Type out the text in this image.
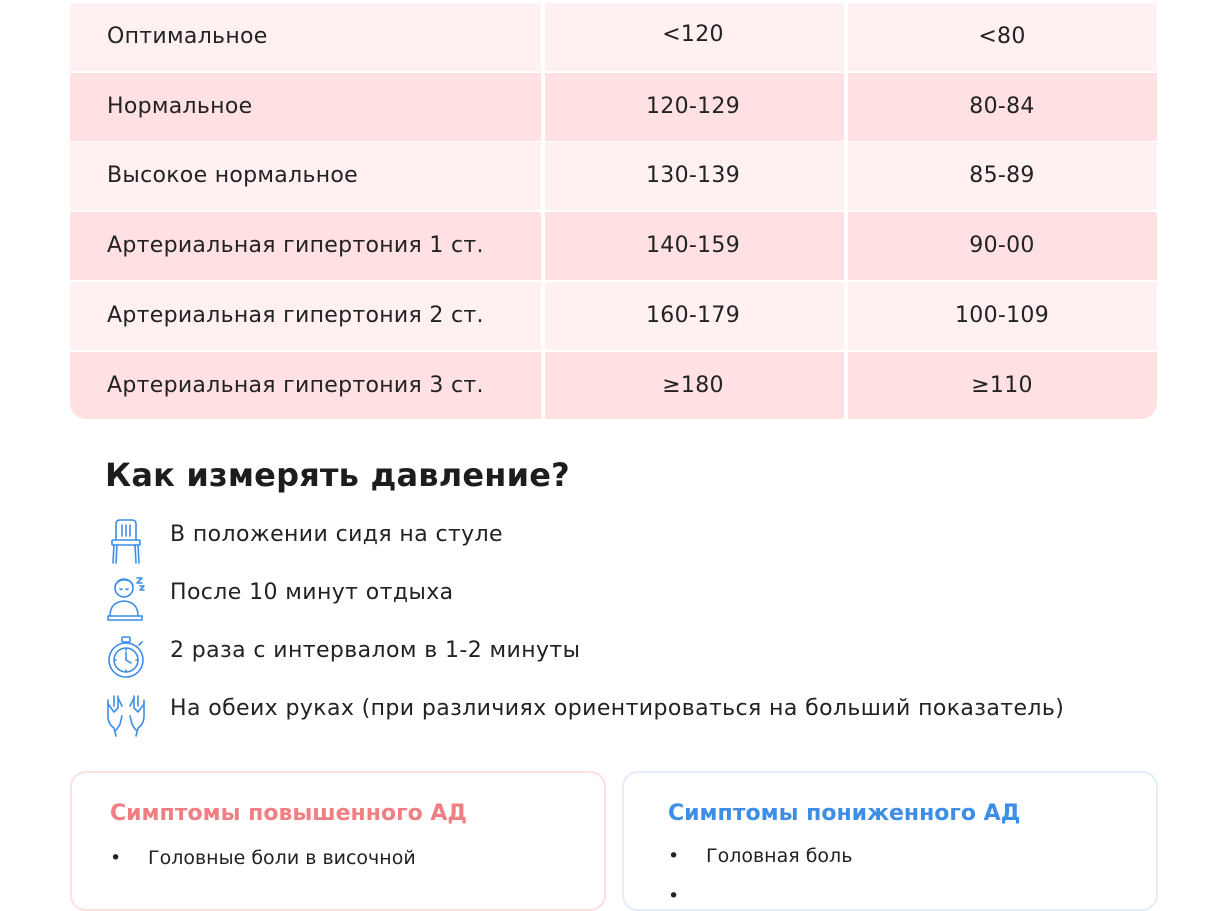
Оптимальное	<120	<80
Нормальное	120-129	80-84
Высокое нормальное	130-139	85-89
Артериальная гипертония 1 ст.	140-159	90-00
Артериальная гипертония 2 ст.	160-179	100-109
Артериальная гипертония 3 ст.	≥180	≥110
Как измерять давление?
В положении сидя на стуле
После 10 минут отдыха
2 раза с интервалом в 1-2 минуты
На обеих руках (при различиях ориентироваться на больший показатель)
Симптомы повышенного АД
• Головные боли в височной
Симптомы пониженного АД
• Головная боль
•
